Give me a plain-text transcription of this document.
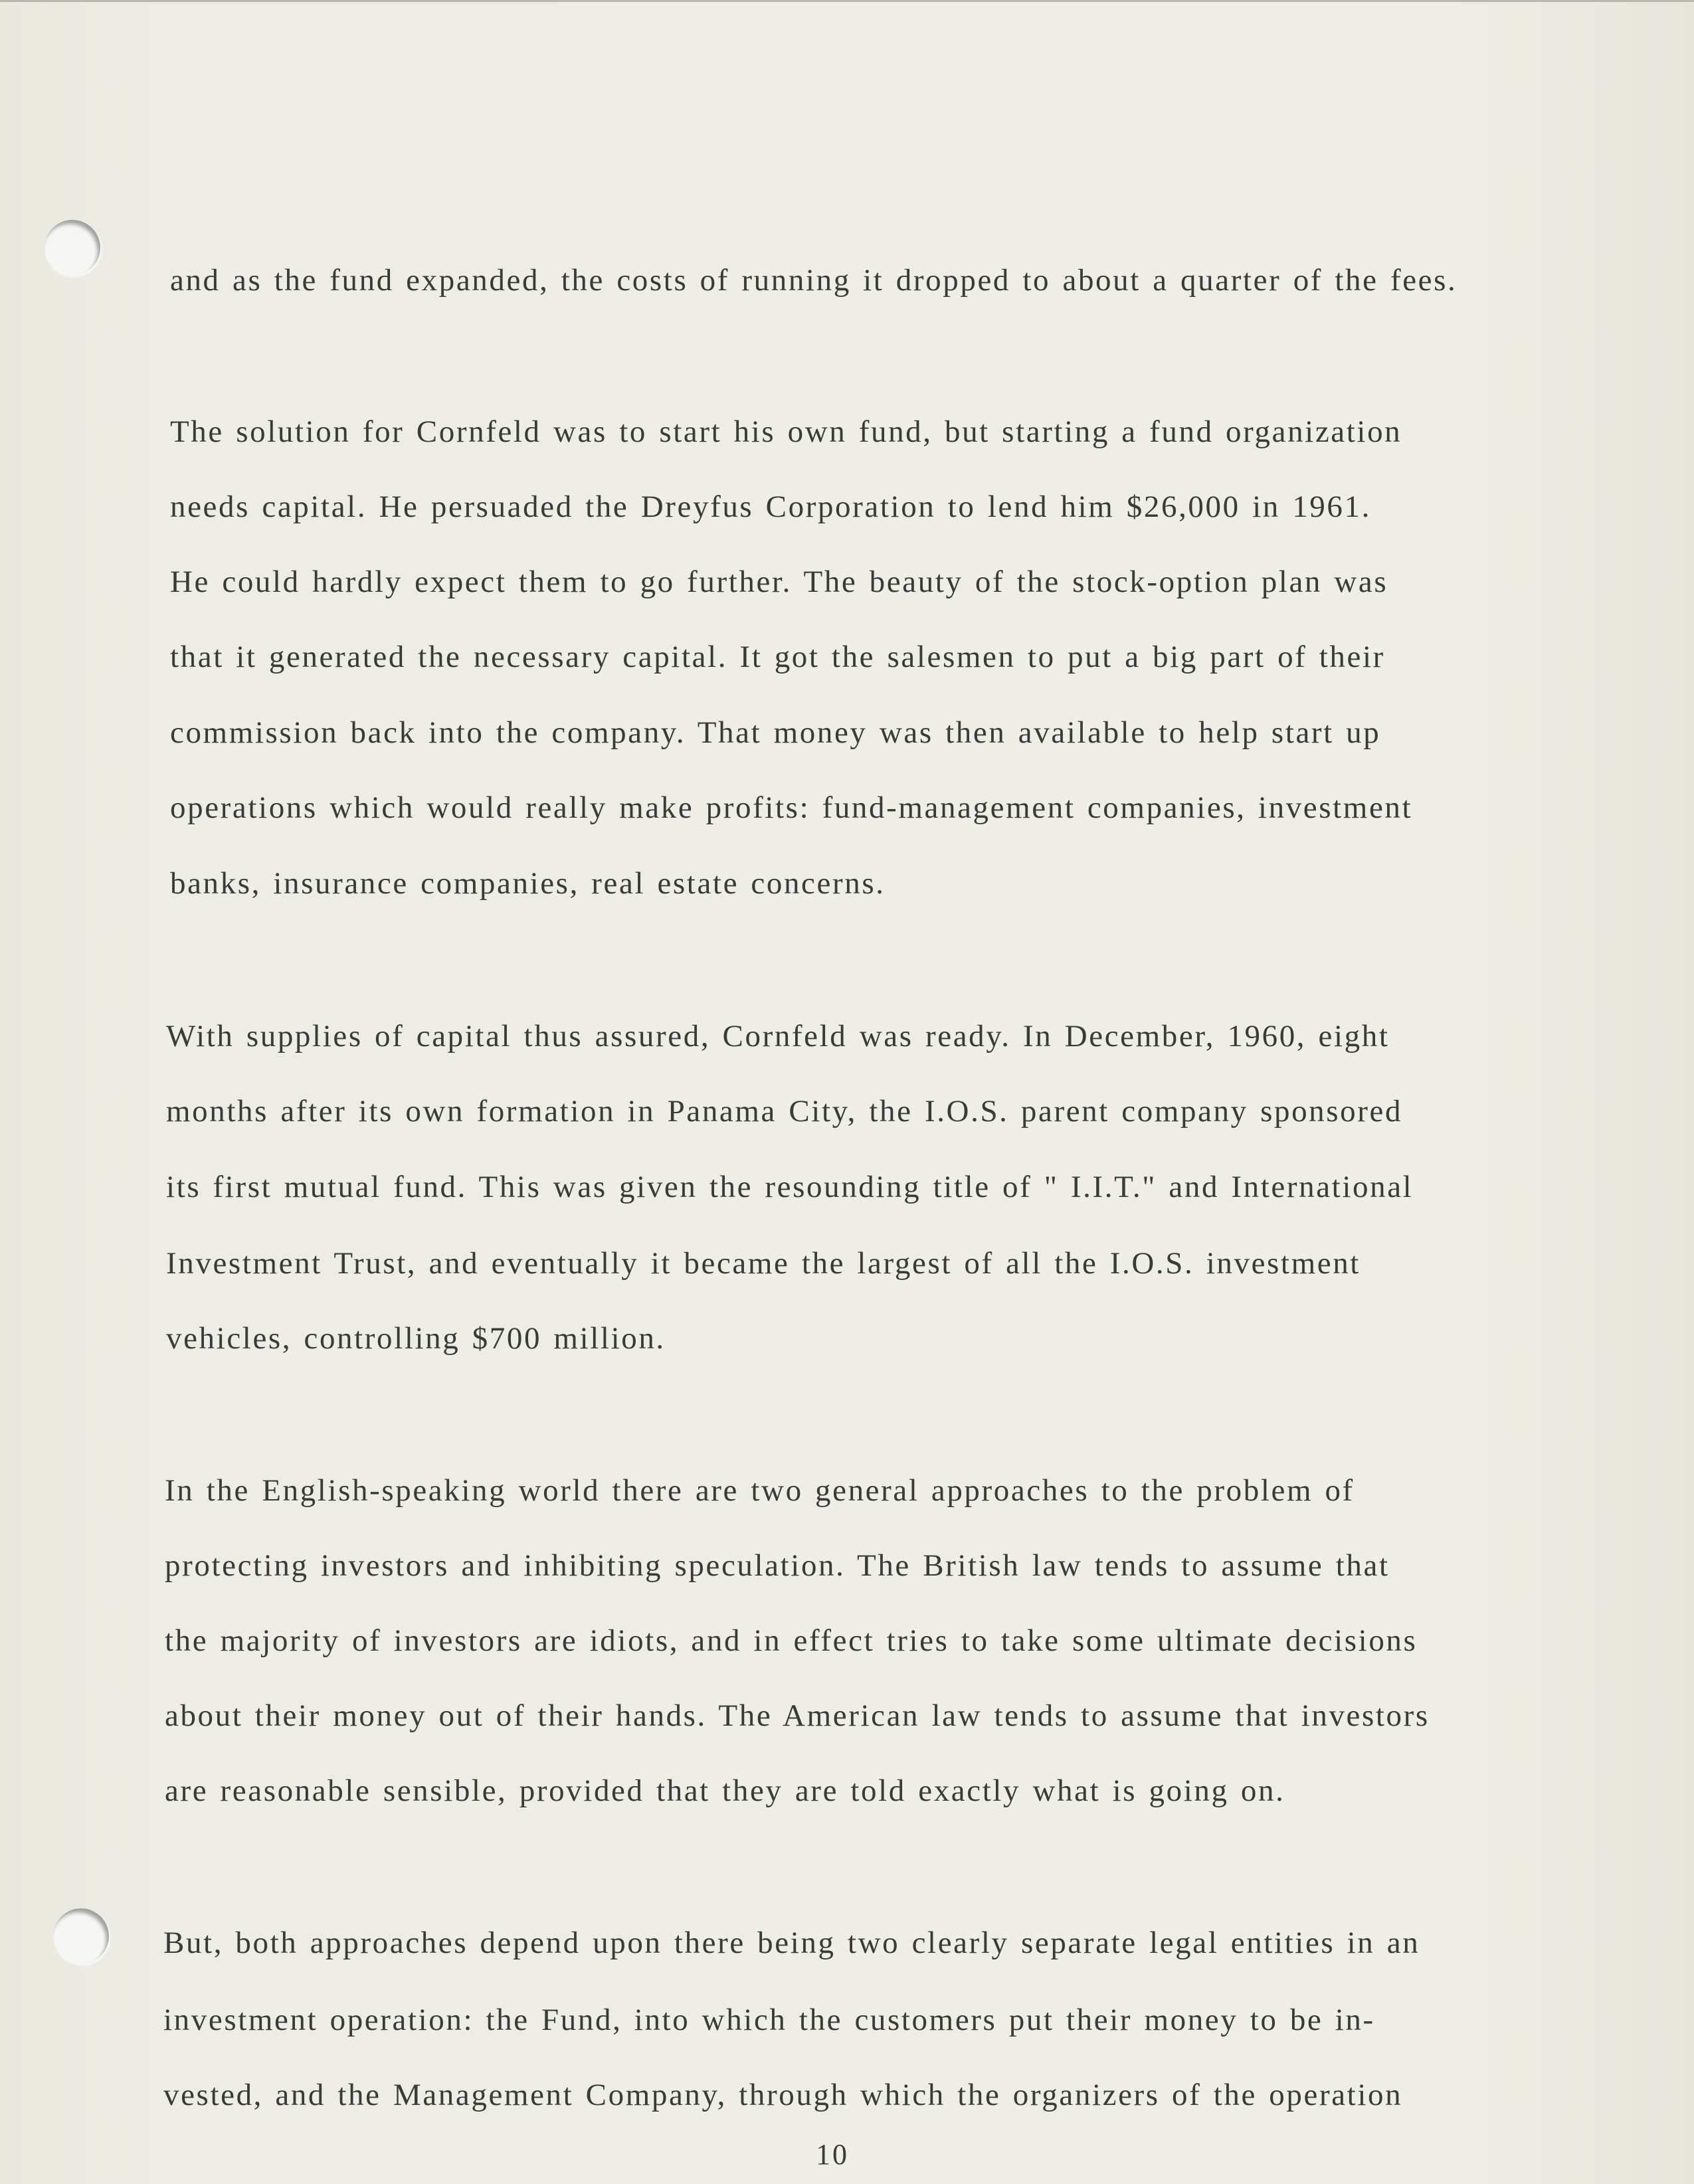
and as the fund expanded, the costs of running it dropped to about a quarter of the fees.
The solution for Cornfeld was to start his own fund, but starting a fund organization
needs capital. He persuaded the Dreyfus Corporation to lend him $26,000 in 1961.
He could hardly expect them to go further. The beauty of the stock-option plan was
that it generated the necessary capital. It got the salesmen to put a big part of their
commission back into the company. That money was then available to help start up
operations which would really make profits: fund-management companies, investment
banks, insurance companies, real estate concerns.
With supplies of capital thus assured, Cornfeld was ready. In December, 1960, eight
months after its own formation in Panama City, the I.O.S. parent company sponsored
its first mutual fund. This was given the resounding title of " I.I.T." and International
Investment Trust, and eventually it became the largest of all the I.O.S. investment
vehicles, controlling $700 million.
In the English-speaking world there are two general approaches to the problem of
protecting investors and inhibiting speculation. The British law tends to assume that
the majority of investors are idiots, and in effect tries to take some ultimate decisions
about their money out of their hands. The American law tends to assume that investors
are reasonable sensible, provided that they are told exactly what is going on.
But, both approaches depend upon there being two clearly separate legal entities in an
investment operation: the Fund, into which the customers put their money to be in-
vested, and the Management Company, through which the organizers of the operation
10
